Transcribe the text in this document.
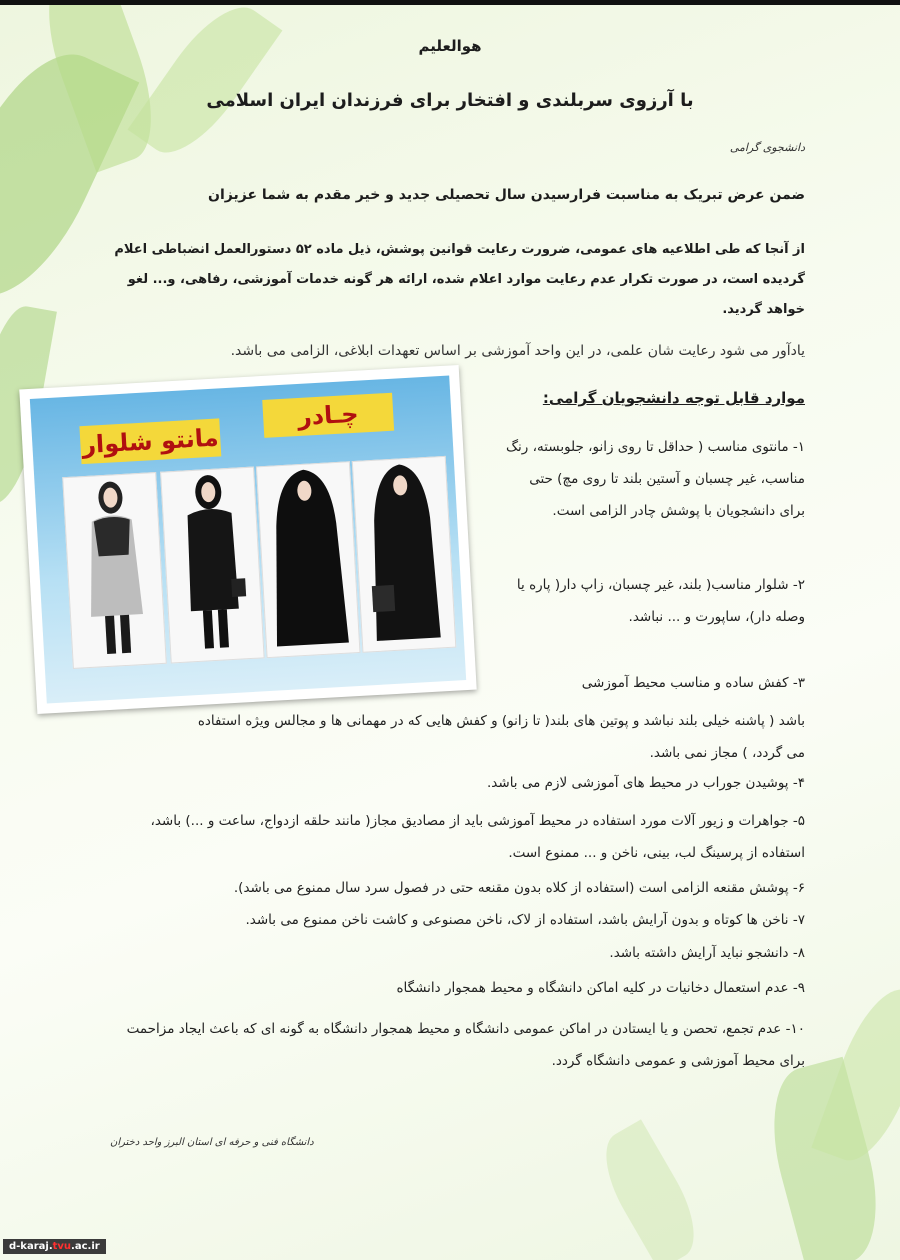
هوالعلیم
با آرزوی سربلندی و افتخار برای فرزندان ایران اسلامی
دانشجوی گرامی
ضمن عرض تبریک به مناسبت فرارسیدن سال تحصیلی جدید و خیر مقدم به شما عزیزان
از آنجا که طی اطلاعیه های عمومی، ضرورت رعایت قوانین پوشش، ذیل ماده ۵۲ دستورالعمل انضباطی اعلام گردیده است، در صورت تکرار عدم رعایت موارد اعلام شده، ارائه هر گونه خدمات آموزشی، رفاهی، و... لغو خواهد گردید.
یادآور می شود رعایت شان علمی، در این واحد آموزشی بر اساس تعهدات ابلاغی، الزامی می باشد.
موارد قابل توجه دانشجویان گرامی:
مانتو شلوار
چـادر
۱- مانتوی مناسب ( حداقل تا روی زانو، جلوبسته، رنگ مناسب، غیر چسبان و آستین بلند تا روی مچ) حتی برای دانشجویان با پوشش چادر الزامی است.
۲- شلوار مناسب( بلند، غیر چسبان، زاپ دار( پاره یا وصله دار)، ساپورت و ... نباشد.
۳- کفش ساده و مناسب محیط آموزشی
باشد ( پاشنه خیلی بلند نباشد و پوتین های بلند( تا زانو) و کفش هایی که در مهمانی ها و مجالس ویژه استفاده می گردد، ) مجاز نمی باشد.
۴- پوشیدن جوراب در محیط های آموزشی لازم می باشد.
۵- جواهرات و زیور آلات مورد استفاده در محیط آموزشی باید از مصادیق مجاز( مانند حلقه ازدواج، ساعت و ...) باشد، استفاده از پرسینگ لب، بینی، ناخن و ... ممنوع است.
۶- پوشش مقنعه الزامی است (استفاده از کلاه بدون مقنعه حتی در فصول سرد سال ممنوع می باشد).
۷- ناخن ها کوتاه و بدون آرایش باشد، استفاده از لاک، ناخن مصنوعی و کاشت ناخن ممنوع می باشد.
۸- دانشجو نباید آرایش داشته باشد.
۹- عدم استعمال دخانیات در کلیه اماکن دانشگاه و محیط همجوار دانشگاه
۱۰- عدم تجمع، تحصن و یا ایستادن در اماکن عمومی دانشگاه و محیط همجوار دانشگاه به گونه ای که باعث ایجاد مزاحمت برای محیط آموزشی و عمومی دانشگاه گردد.
دانشگاه فنی و حرفه ای استان البرز واحد دختران
d-karaj.tvu.ac.ir
